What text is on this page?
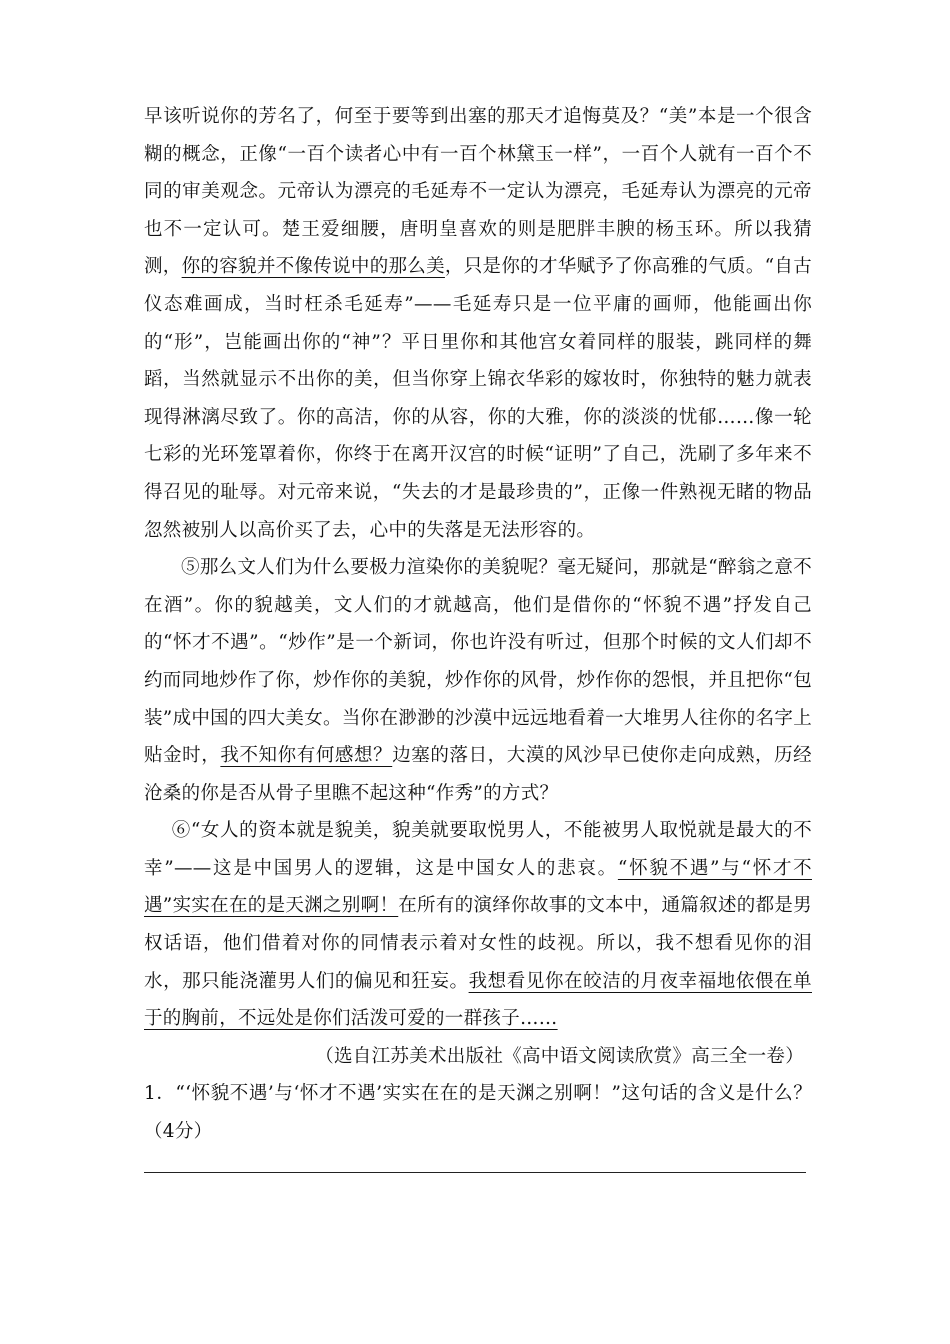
早该听说你的芳名了，何至于要等到出塞的那天才追悔莫及？“美”本是一个很含糊的概念，正像“一百个读者心中有一百个林黛玉一样”，一百个人就有一百个不同的审美观念。元帝认为漂亮的毛延寿不一定认为漂亮，毛延寿认为漂亮的元帝也不一定认可。楚王爱细腰，唐明皇喜欢的则是肥胖丰腴的杨玉环。所以我猜测，你的容貌并不像传说中的那么美，只是你的才华赋予了你高雅的气质。“自古仪态难画成，当时枉杀毛延寿”——毛延寿只是一位平庸的画师，他能画出你的“形”，岂能画出你的“神”？平日里你和其他宫女着同样的服装，跳同样的舞蹈，当然就显示不出你的美，但当你穿上锦衣华彩的嫁妆时，你独特的魅力就表现得淋漓尽致了。你的高洁，你的从容，你的大雅，你的淡淡的忧郁……像一轮七彩的光环笼罩着你，你终于在离开汉宫的时候“证明”了自己，洗刷了多年来不得召见的耻辱。对元帝来说，“失去的才是最珍贵的”，正像一件熟视无睹的物品忽然被别人以高价买了去，心中的失落是无法形容的。

⑤那么文人们为什么要极力渲染你的美貌呢？毫无疑问，那就是“醉翁之意不在酒”。你的貌越美，文人们的才就越高，他们是借你的“怀貌不遇”抒发自己的“怀才不遇”。“炒作”是一个新词，你也许没有听过，但那个时候的文人们却不约而同地炒作了你，炒作你的美貌，炒作你的风骨，炒作你的怨恨，并且把你“包装”成中国的四大美女。当你在渺渺的沙漠中远远地看着一大堆男人往你的名字上贴金时，我不知你有何感想？边塞的落日，大漠的风沙早已使你走向成熟，历经沧桑的你是否从骨子里瞧不起这种“作秀”的方式？

⑥“女人的资本就是貌美，貌美就要取悦男人，不能被男人取悦就是最大的不幸”——这是中国男人的逻辑，这是中国女人的悲哀。“怀貌不遇”与“怀才不遇”实实在在的是天渊之别啊！在所有的演绎你故事的文本中，通篇叙述的都是男权话语，他们借着对你的同情表示着对女性的歧视。所以，我不想看见你的泪水，那只能浇灌男人们的偏见和狂妄。我想看见你在皎洁的月夜幸福地依偎在单于的胸前，不远处是你们活泼可爱的一群孩子……

（选自江苏美术出版社《高中语文阅读欣赏》高三全一卷）

1．“‘怀貌不遇’与‘怀才不遇’实实在在的是天渊之别啊！”这句话的含义是什么？（4分）
